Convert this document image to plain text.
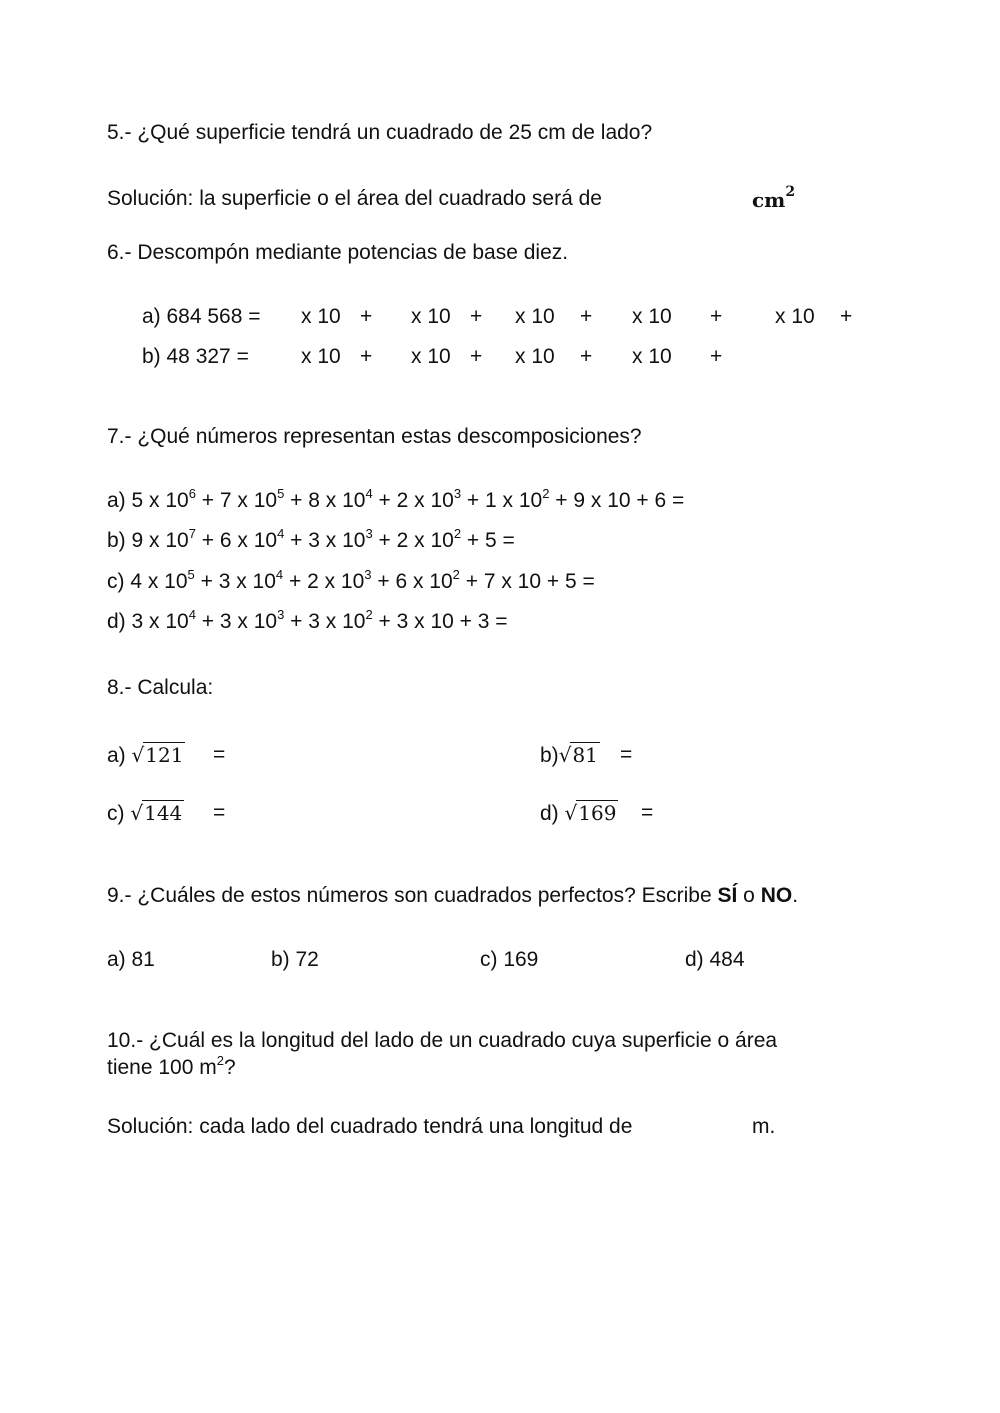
5.- ¿Qué superficie tendrá un cuadrado de 25 cm de lado?
Solución: la superficie o el área del cuadrado será de	$cm^2$
6.- Descompón mediante potencias de base diez.
a) 684 568 = x 10 + x 10 + x 10 + x 10 +	x 10 +
b) 48 327 = x 10 + x 10 + x 10 + x 10 +
7.- ¿Qué números representan estas descomposiciones?
a) 5 x $10^6 + 7$ x $10^5 + 8$ x $10^4 + 2$ x $10^3 + 1$ x $10^2 + 9$ x 10 + 6 =
b) 9 x $10^7 + 6$ x $10^4 + 3$ x $10^3 + 2$ x $10^2 + 5$ =
c) 4 x $10^5 + 3$ x $10^4 + 2$ x $10^3 + 6$ x $10^2 + 7$ x 10 + 5 =
d) 3 x $10^4 + 3$ x $10^3 + 3$ x $10^2 + 3$ x 10 + 3 =
8.- Calcula:
a) √121 =	b)√81 =
c) √144 =	d) √169 =
9.- ¿Cuáles de estos números son cuadrados perfectos? Escribe SÍ o NO.
a) 81	b) 72	c) 169	d) 484
10.- ¿Cuál es la longitud del lado de un cuadrado cuya superficie o área
tiene 100 $m^2$?
Solución: cada lado del cuadrado tendrá una longitud de	m.
